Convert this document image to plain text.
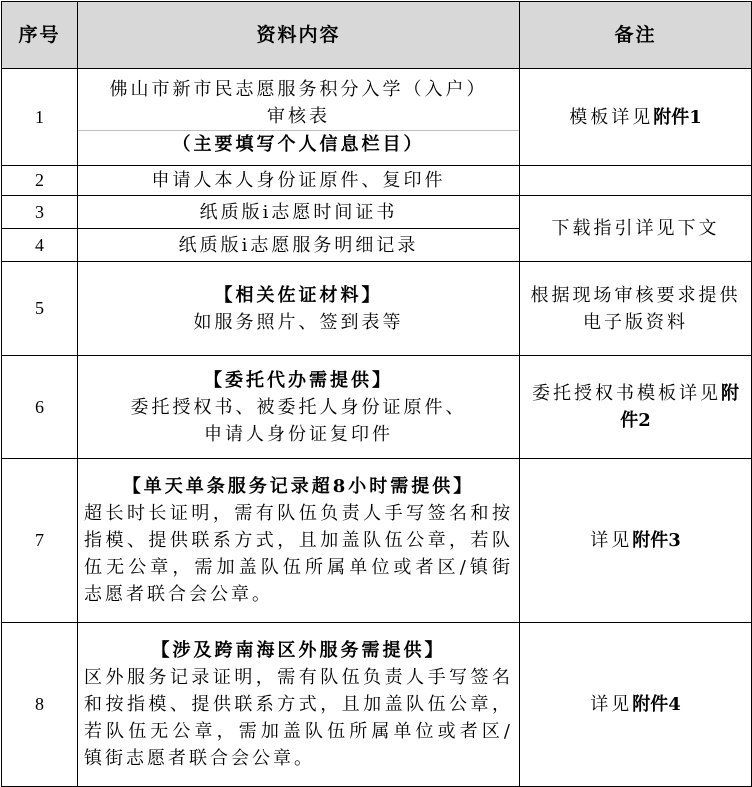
序号	资料内容	备注
1	佛山市新市民志愿服务积分入学（入户）
审核表
（主要填写个人信息栏目）	模板详见附件1
2	申请人本人身份证原件、复印件	
3	纸质版i志愿时间证书	下载指引详见下文
4	纸质版i志愿服务明细记录	
5	【相关佐证材料】
如服务照片、签到表等	根据现场审核要求提供电子版资料
6	【委托代办需提供】
委托授权书、被委托人身份证原件、
申请人身份证复印件	委托授权书模板详见附件2
7	【单天单条服务记录超8小时需提供】
超长时长证明，需有队伍负责人手写签名和按指模、提供联系方式，且加盖队伍公章，若队伍无公章，需加盖队伍所属单位或者区/镇街志愿者联合会公章。	详见附件3
8	【涉及跨南海区外服务需提供】
区外服务记录证明，需有队伍负责人手写签名和按指模、提供联系方式，且加盖队伍公章，若队伍无公章，需加盖队伍所属单位或者区/镇街志愿者联合会公章。	详见附件4
